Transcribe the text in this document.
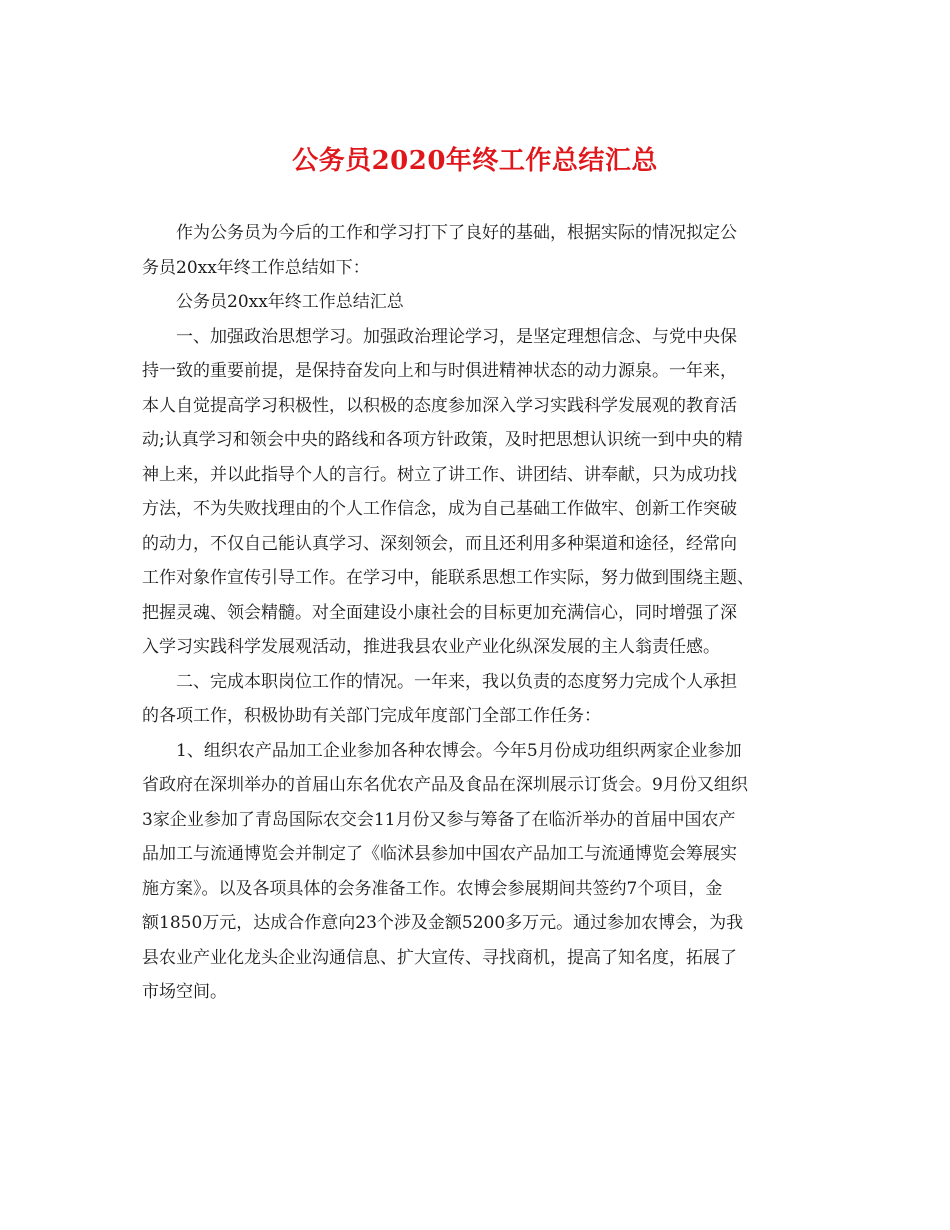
公务员2020年终工作总结汇总
作为公务员为今后的工作和学习打下了良好的基础，根据实际的情况拟定公
务员20xx年终工作总结如下：
公务员20xx年终工作总结汇总
一、加强政治思想学习。加强政治理论学习，是坚定理想信念、与党中央保
持一致的重要前提，是保持奋发向上和与时俱进精神状态的动力源泉。一年来，
本人自觉提高学习积极性，以积极的态度参加深入学习实践科学发展观的教育活
动;认真学习和领会中央的路线和各项方针政策，及时把思想认识统一到中央的精
神上来，并以此指导个人的言行。树立了讲工作、讲团结、讲奉献，只为成功找
方法，不为失败找理由的个人工作信念，成为自己基础工作做牢、创新工作突破
的动力，不仅自己能认真学习、深刻领会，而且还利用多种渠道和途径，经常向
工作对象作宣传引导工作。在学习中，能联系思想工作实际，努力做到围绕主题、
把握灵魂、领会精髓。对全面建设小康社会的目标更加充满信心，同时增强了深
入学习实践科学发展观活动，推进我县农业产业化纵深发展的主人翁责任感。
二、完成本职岗位工作的情况。一年来，我以负责的态度努力完成个人承担
的各项工作，积极协助有关部门完成年度部门全部工作任务：
1、组织农产品加工企业参加各种农博会。今年5月份成功组织两家企业参加
省政府在深圳举办的首届山东名优农产品及食品在深圳展示订货会。9月份又组织
3家企业参加了青岛国际农交会11月份又参与筹备了在临沂举办的首届中国农产
品加工与流通博览会并制定了《临沭县参加中国农产品加工与流通博览会筹展实
施方案》。以及各项具体的会务准备工作。农博会参展期间共签约7个项目，金
额1850万元，达成合作意向23个涉及金额5200多万元。通过参加农博会，为我
县农业产业化龙头企业沟通信息、扩大宣传、寻找商机，提高了知名度，拓展了
市场空间。
